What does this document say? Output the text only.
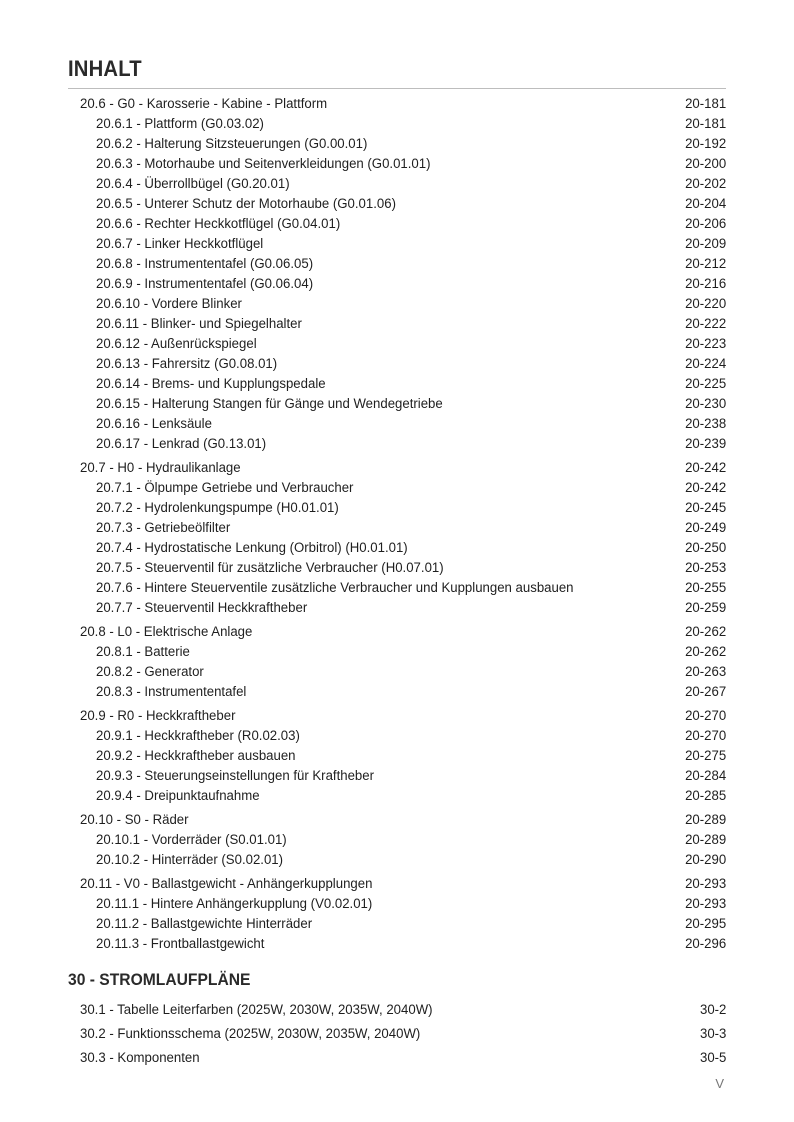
INHALT
20.6 - G0 - Karosserie - Kabine - Plattform	20-181
20.6.1 - Plattform (G0.03.02)	20-181
20.6.2 - Halterung Sitzsteuerungen (G0.00.01)	20-192
20.6.3 - Motorhaube und Seitenverkleidungen (G0.01.01)	20-200
20.6.4 - Überrollbügel (G0.20.01)	20-202
20.6.5 - Unterer Schutz der Motorhaube (G0.01.06)	20-204
20.6.6 - Rechter Heckkotflügel (G0.04.01)	20-206
20.6.7 - Linker Heckkotflügel	20-209
20.6.8 - Instrumententafel (G0.06.05)	20-212
20.6.9 - Instrumententafel (G0.06.04)	20-216
20.6.10 - Vordere Blinker	20-220
20.6.11 - Blinker- und Spiegelhalter	20-222
20.6.12 - Außenrückspiegel	20-223
20.6.13 - Fahrersitz (G0.08.01)	20-224
20.6.14 - Brems- und Kupplungspedale	20-225
20.6.15 - Halterung Stangen für Gänge und Wendegetriebe	20-230
20.6.16 - Lenksäule	20-238
20.6.17 - Lenkrad (G0.13.01)	20-239
20.7 - H0 - Hydraulikanlage	20-242
20.7.1 - Ölpumpe Getriebe und Verbraucher	20-242
20.7.2 - Hydrolenkungspumpe (H0.01.01)	20-245
20.7.3 - Getriebeölfilter	20-249
20.7.4 - Hydrostatische Lenkung (Orbitrol) (H0.01.01)	20-250
20.7.5 - Steuerventil für zusätzliche Verbraucher (H0.07.01)	20-253
20.7.6 - Hintere Steuerventile zusätzliche Verbraucher und Kupplungen ausbauen	20-255
20.7.7 - Steuerventil Heckkraftheber	20-259
20.8 - L0 - Elektrische Anlage	20-262
20.8.1 - Batterie	20-262
20.8.2 - Generator	20-263
20.8.3 - Instrumententafel	20-267
20.9 - R0 - Heckkraftheber	20-270
20.9.1 - Heckkraftheber (R0.02.03)	20-270
20.9.2 - Heckkraftheber ausbauen	20-275
20.9.3 - Steuerungseinstellungen für Kraftheber	20-284
20.9.4 - Dreipunktaufnahme	20-285
20.10 - S0 - Räder	20-289
20.10.1 - Vorderräder (S0.01.01)	20-289
20.10.2 - Hinterräder (S0.02.01)	20-290
20.11 - V0 - Ballastgewicht - Anhängerkupplungen	20-293
20.11.1 - Hintere Anhängerkupplung (V0.02.01)	20-293
20.11.2 - Ballastgewichte Hinterräder	20-295
20.11.3 - Frontballastgewicht	20-296
30 - STROMLAUFPLÄNE
30.1 - Tabelle Leiterfarben (2025W, 2030W, 2035W, 2040W)	30-2
30.2 - Funktionsschema (2025W, 2030W, 2035W, 2040W)	30-3
30.3 - Komponenten	30-5
V
